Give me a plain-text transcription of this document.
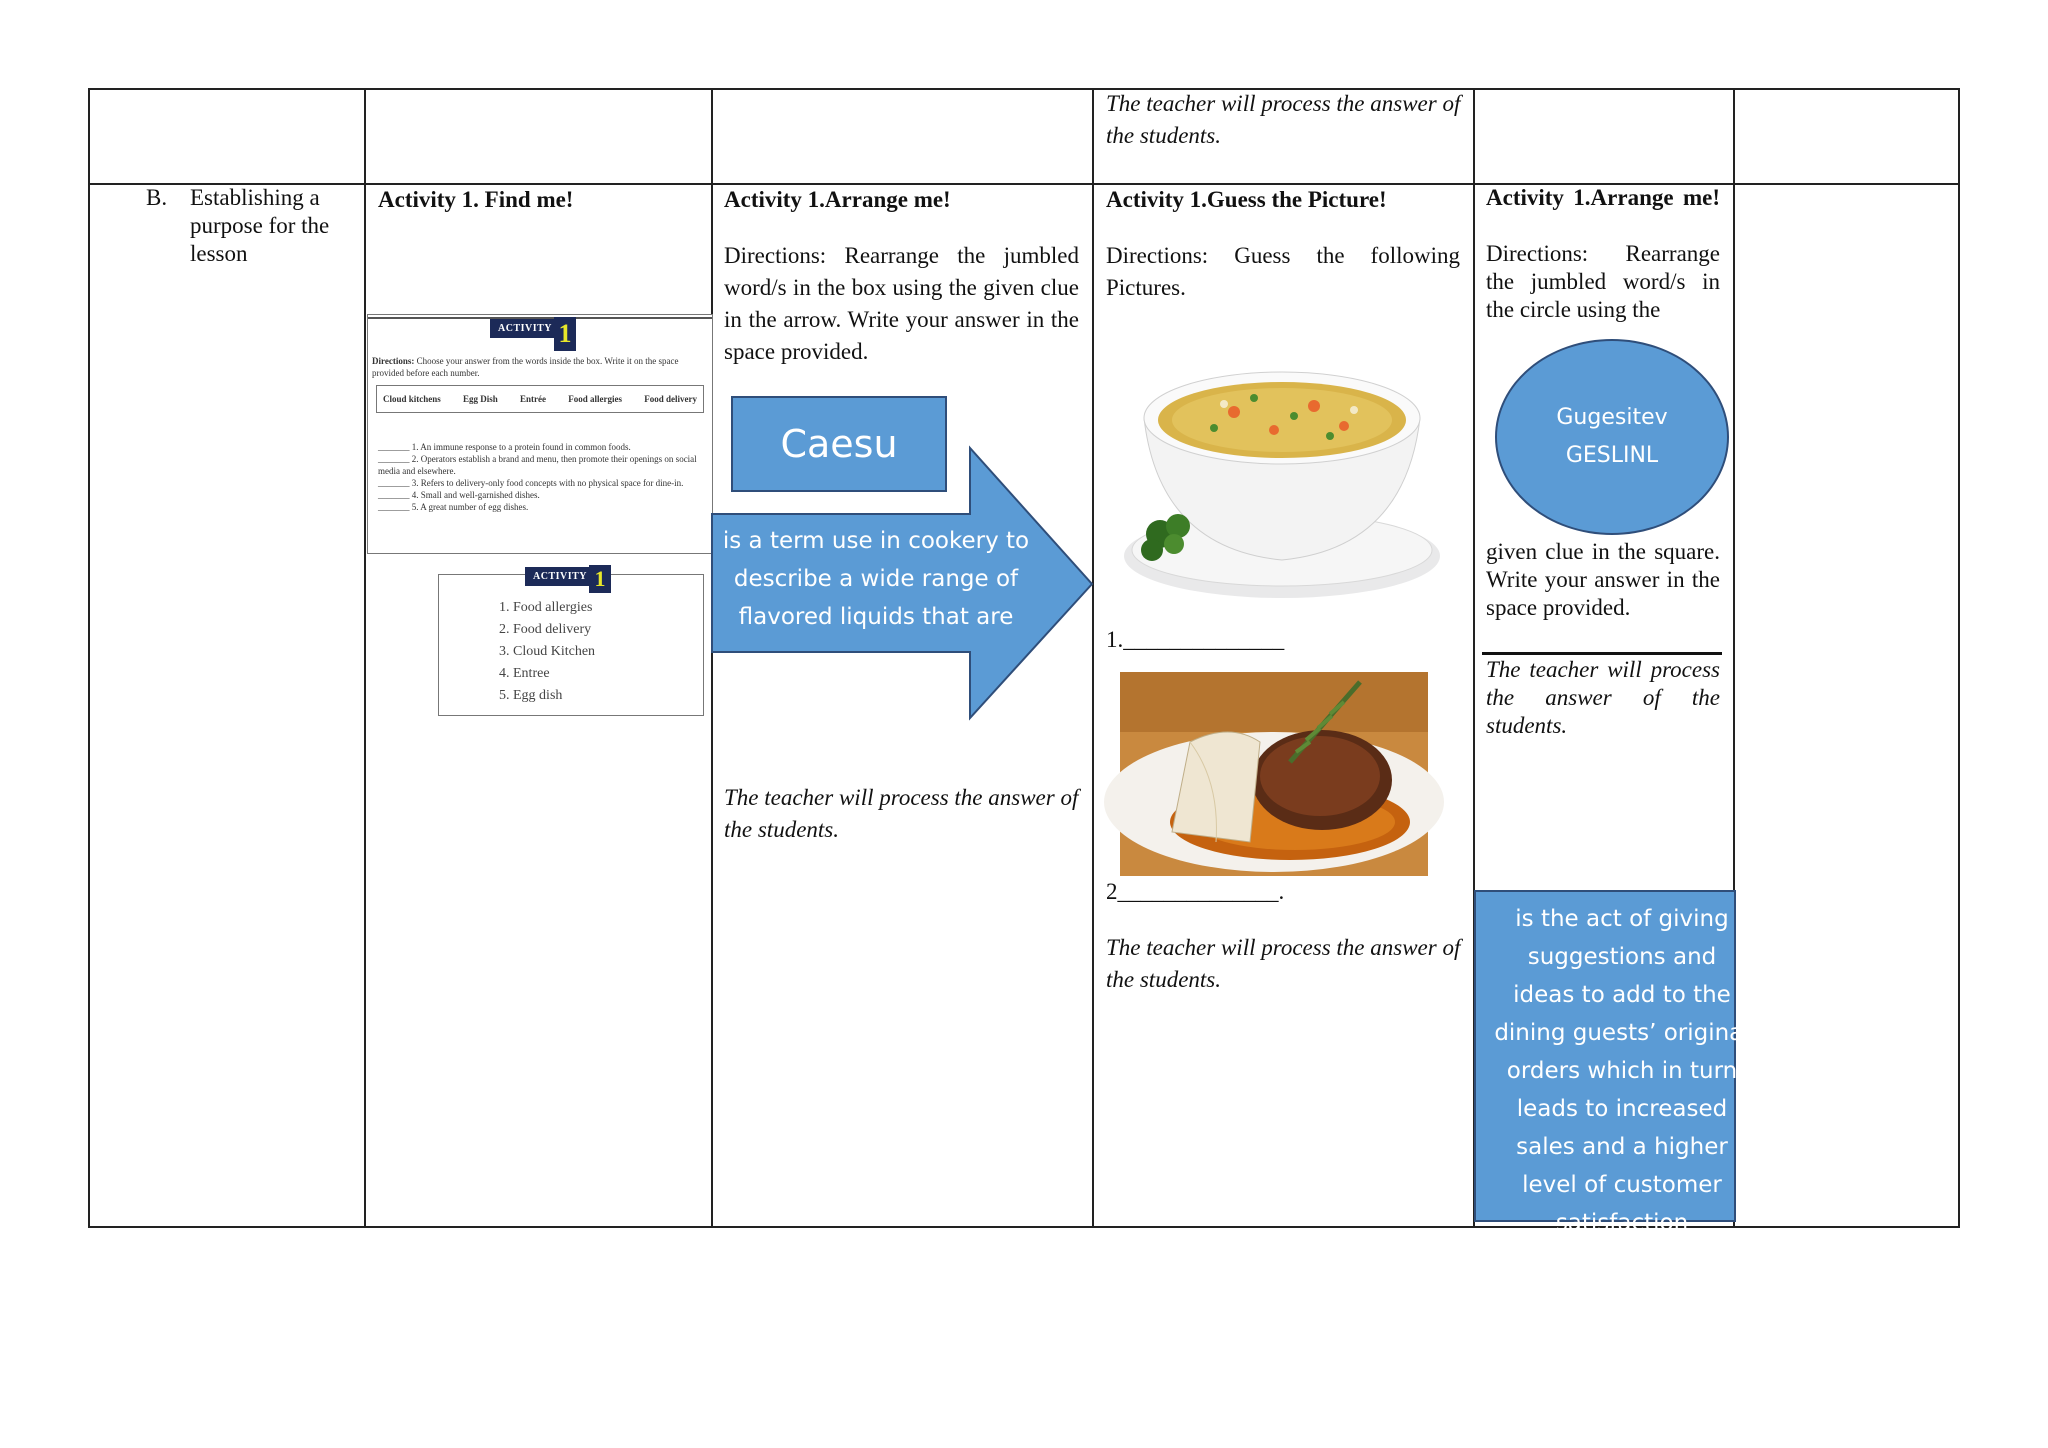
The teacher will process the answer of the students.
B. Establishing a purpose for the lesson
Activity 1. Find me!
ACTIVITY 1
Directions: Choose your answer from the words inside the box. Write it on the space provided before each number.
Cloud kitchens Egg Dish Entrée Food allergies Food delivery
_______ 1. An immune response to a protein found in common foods.
_______ 2. Operators establish a brand and menu, then promote their openings on social media and elsewhere.
_______ 3. Refers to delivery-only food concepts with no physical space for dine-in.
_______ 4. Small and well-garnished dishes.
_______ 5. A great number of egg dishes.
ACTIVITY 1
1. Food allergies
2. Food delivery
3. Cloud Kitchen
4. Entree
5. Egg dish
Activity 1.Arrange me!
Directions: Rearrange the jumbled word/s in the box using the given clue in the arrow. Write your answer in the space provided.
Caesu
is a term use in cookery to describe a wide range of flavored liquids that are
The teacher will process the answer of the students.
Activity 1.Guess the Picture!
Directions: Guess the following Pictures.
1.______________
2______________.
The teacher will process the answer of the students.
Activity 1.Arrange me!
Directions: Rearrange the jumbled word/s in the circle using the
Gugesitev
GESLINL
given clue in the square. Write your answer in the space provided.
The teacher will process the answer of the students.
is the act of giving suggestions and ideas to add to the dining guests’ original orders which in turn leads to increased sales and a higher level of customer satisfaction
